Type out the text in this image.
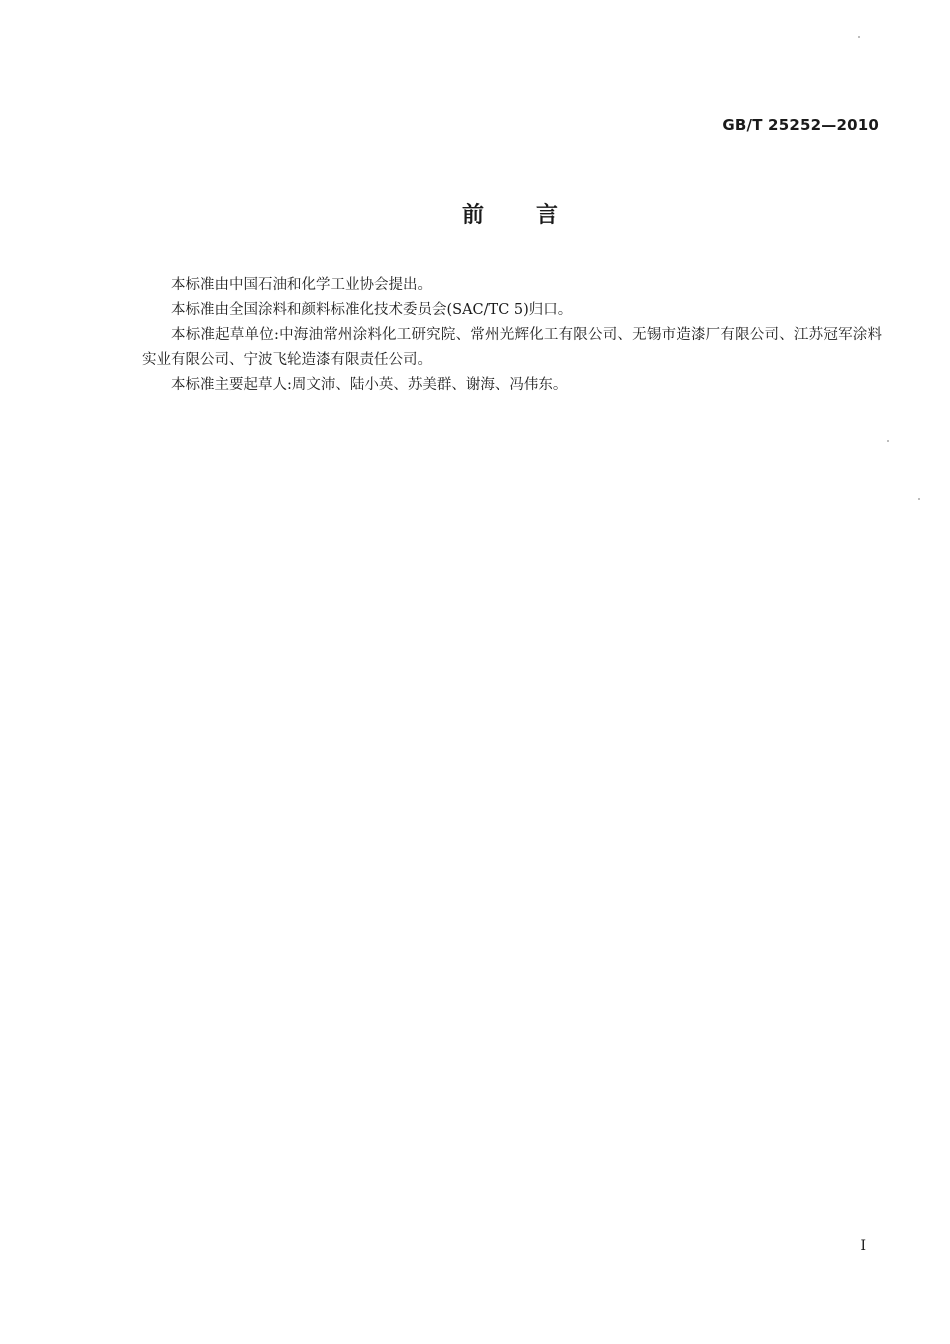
GB/T 25252—2010
前言

本标准由中国石油和化学工业协会提出。

本标准由全国涂料和颜料标准化技术委员会(SAC/TC 5)归口。

本标准起草单位:中海油常州涂料化工研究院、常州光辉化工有限公司、无锡市造漆厂有限公司、江苏冠军涂料实业有限公司、宁波飞轮造漆有限责任公司。

本标准主要起草人:周文沛、陆小英、苏美群、谢海、冯伟东。

I
